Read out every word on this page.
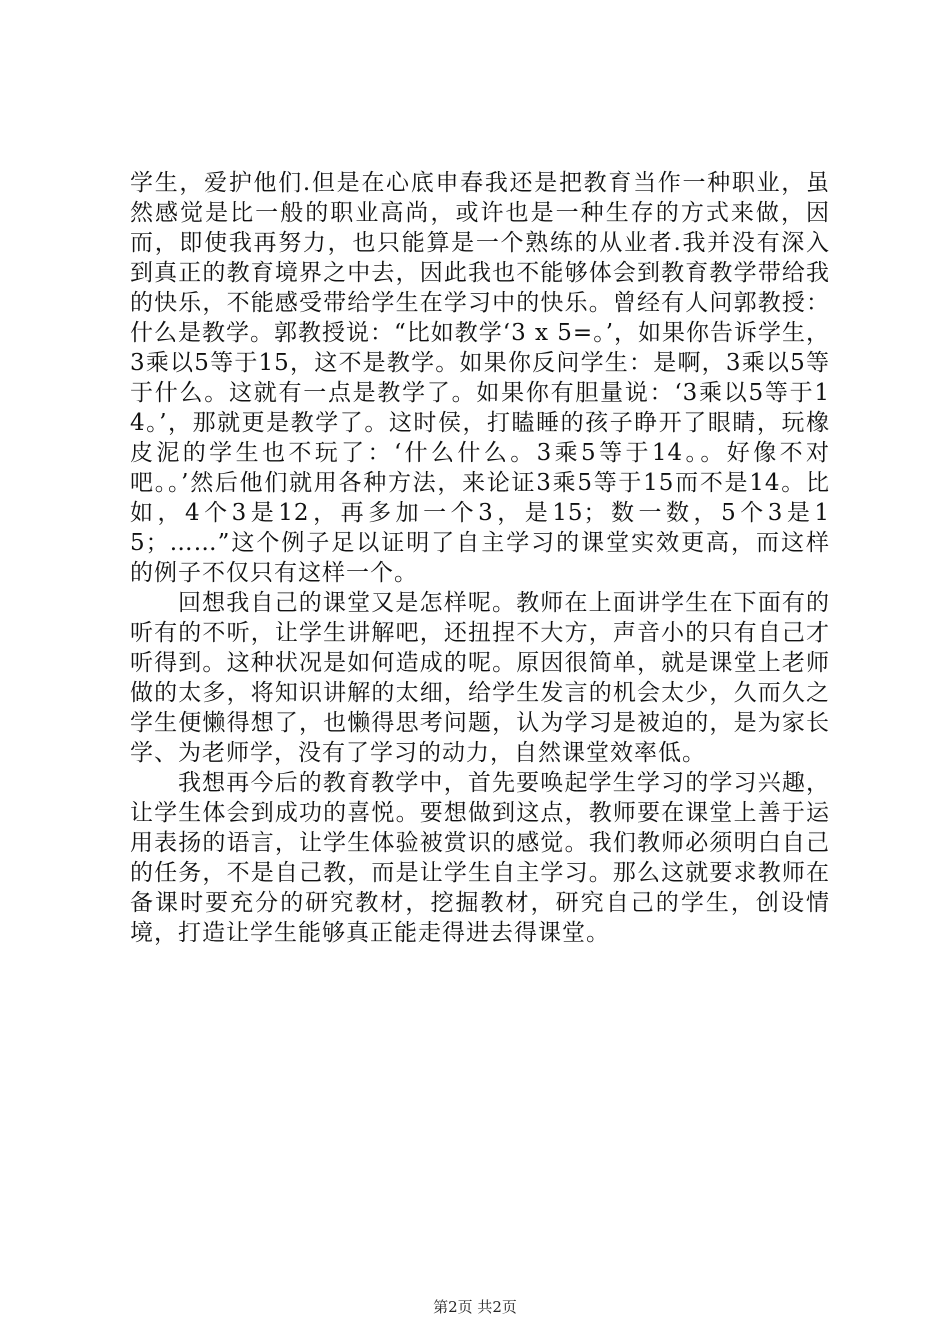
学生，爱护他们.但是在心底申春我还是把教育当作一种职业，虽然感觉是比一般的职业高尚，或许也是一种生存的方式来做，因而，即使我再努力，也只能算是一个熟练的从业者.我并没有深入到真正的教育境界之中去，因此我也不能够体会到教育教学带给我的快乐，不能感受带给学生在学习中的快乐。曾经有人问郭教授：什么是教学。郭教授说：“比如教学‘3 x 5=。’，如果你告诉学生，3乘以5等于15，这不是教学。如果你反问学生：是啊，3乘以5等于什么。这就有一点是教学了。如果你有胆量说：‘3乘以5等于14。’，那就更是教学了。这时侯，打瞌睡的孩子睁开了眼睛，玩橡皮泥的学生也不玩了：‘什么什么。3乘5等于14。。好像不对吧。。’然后他们就用各种方法，来论证3乘5等于15而不是14。比如，4个3是12，再多加一个3，是15；数一数，5个3是15；……”这个例子足以证明了自主学习的课堂实效更高，而这样的例子不仅只有这样一个。

回想我自己的课堂又是怎样呢。教师在上面讲学生在下面有的听有的不听，让学生讲解吧，还扭捏不大方，声音小的只有自己才听得到。这种状况是如何造成的呢。原因很简单，就是课堂上老师做的太多，将知识讲解的太细，给学生发言的机会太少，久而久之学生便懒得想了，也懒得思考问题，认为学习是被迫的，是为家长学、为老师学，没有了学习的动力，自然课堂效率低。

我想再今后的教育教学中，首先要唤起学生学习的学习兴趣，让学生体会到成功的喜悦。要想做到这点，教师要在课堂上善于运用表扬的语言，让学生体验被赏识的感觉。我们教师必须明白自己的任务，不是自己教，而是让学生自主学习。那么这就要求教师在备课时要充分的研究教材，挖掘教材，研究自己的学生，创设情境，打造让学生能够真正能走得进去得课堂。

第2页 共2页
